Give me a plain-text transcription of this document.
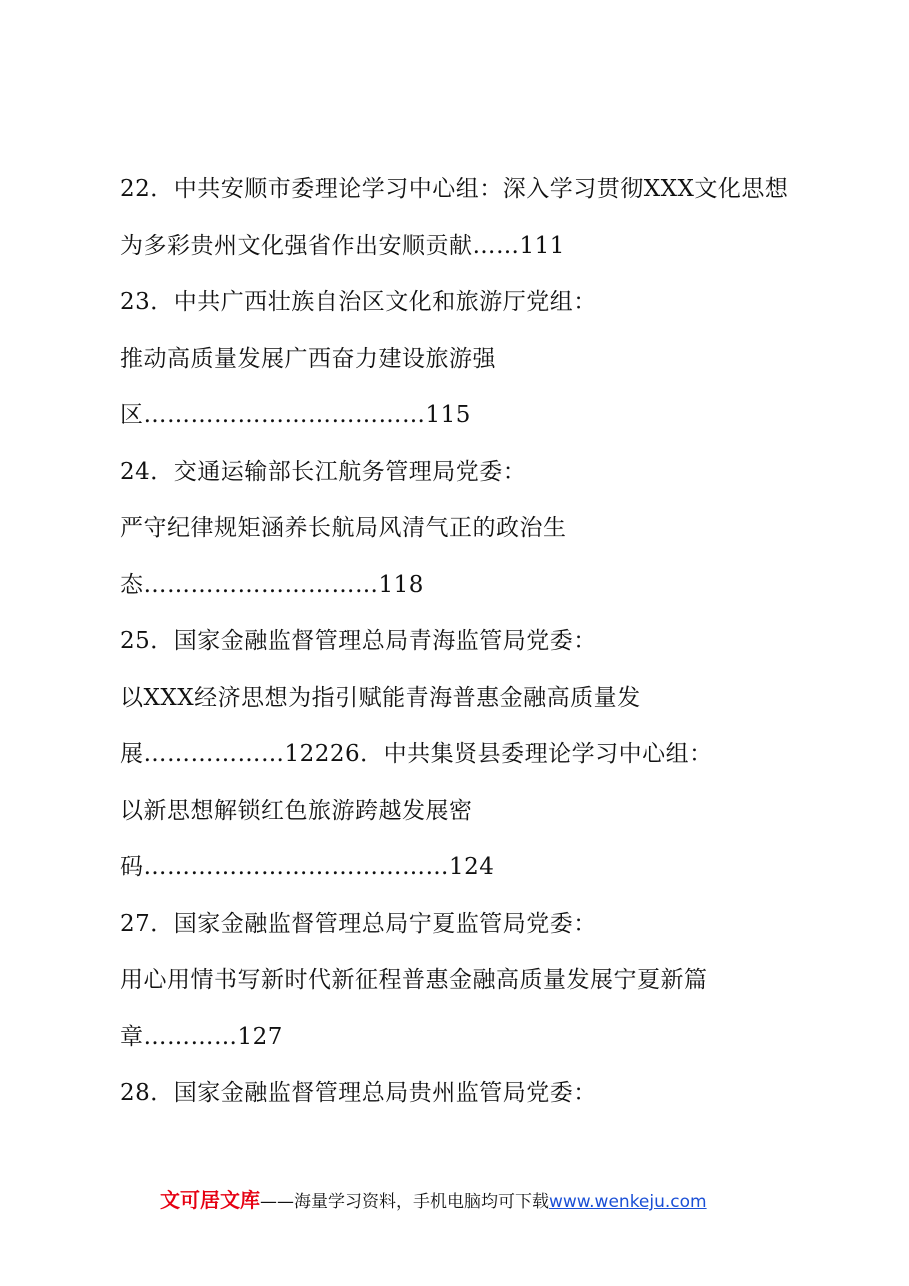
22．中共安顺市委理论学习中心组：深入学习贯彻XXX文化思想
为多彩贵州文化强省作出安顺贡献……111
23．中共广西壮族自治区文化和旅游厅党组：
推动高质量发展广西奋力建设旅游强
区………………………………115
24．交通运输部长江航务管理局党委：
严守纪律规矩涵养长航局风清气正的政治生
态…………………………118
25．国家金融监督管理总局青海监管局党委：
以XXX经济思想为指引赋能青海普惠金融高质量发
展………………12226．中共集贤县委理论学习中心组：
以新思想解锁红色旅游跨越发展密
码…………………………………124
27．国家金融监督管理总局宁夏监管局党委：
用心用情书写新时代新征程普惠金融高质量发展宁夏新篇
章…………127
28．国家金融监督管理总局贵州监管局党委：
文可居文库——海量学习资料，手机电脑均可下载www.wenkeju.com
